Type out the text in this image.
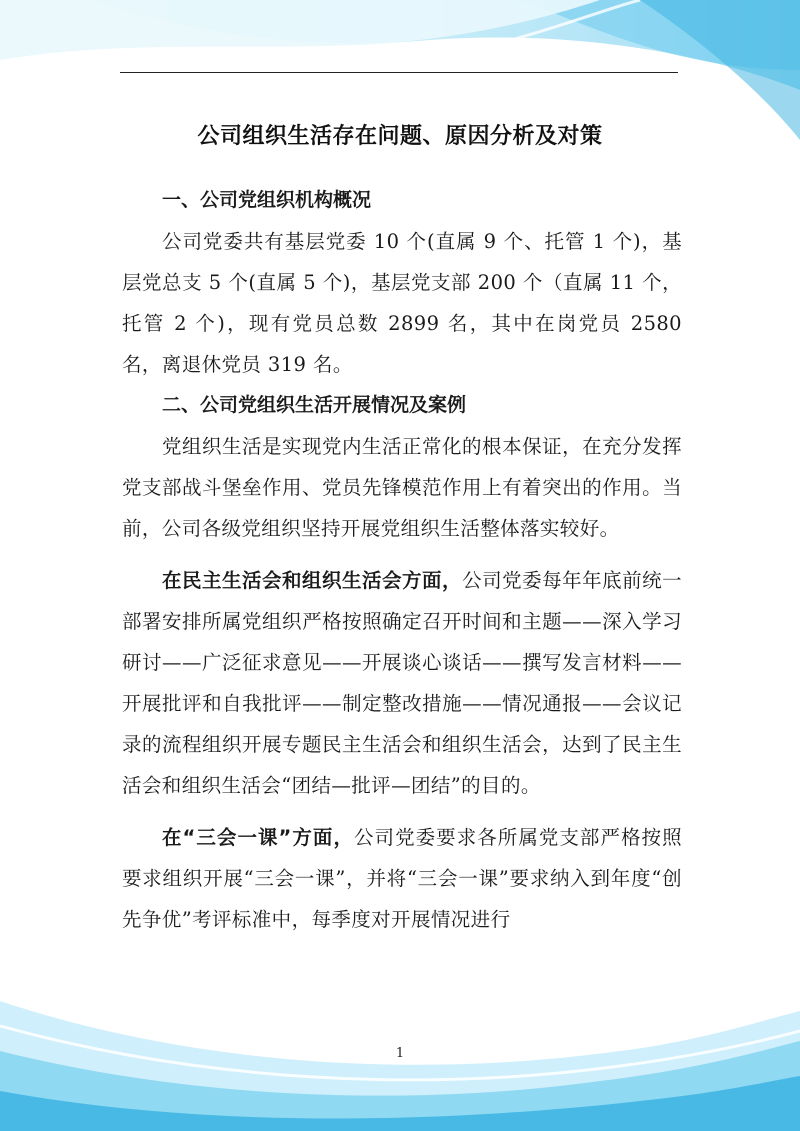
公司组织生活存在问题、原因分析及对策
一、公司党组织机构概况

公司党委共有基层党委 10 个(直属 9 个、托管 1 个)，基层党总支 5 个(直属 5 个)，基层党支部 200 个（直属 11 个，托管 2 个)，现有党员总数 2899 名，其中在岗党员 2580 名，离退休党员 319 名。

二、公司党组织生活开展情况及案例

党组织生活是实现党内生活正常化的根本保证，在充分发挥党支部战斗堡垒作用、党员先锋模范作用上有着突出的作用。当前，公司各级党组织坚持开展党组织生活整体落实较好。

在民主生活会和组织生活会方面，公司党委每年年底前统一部署安排所属党组织严格按照确定召开时间和主题——深入学习研讨——广泛征求意见——开展谈心谈话——撰写发言材料——开展批评和自我批评——制定整改措施——情况通报——会议记录的流程组织开展专题民主生活会和组织生活会，达到了民主生活会和组织生活会“团结—批评—团结”的目的。

在“三会一课”方面，公司党委要求各所属党支部严格按照要求组织开展“三会一课”，并将“三会一课”要求纳入到年度“创先争优”考评标准中，每季度对开展情况进行

1
